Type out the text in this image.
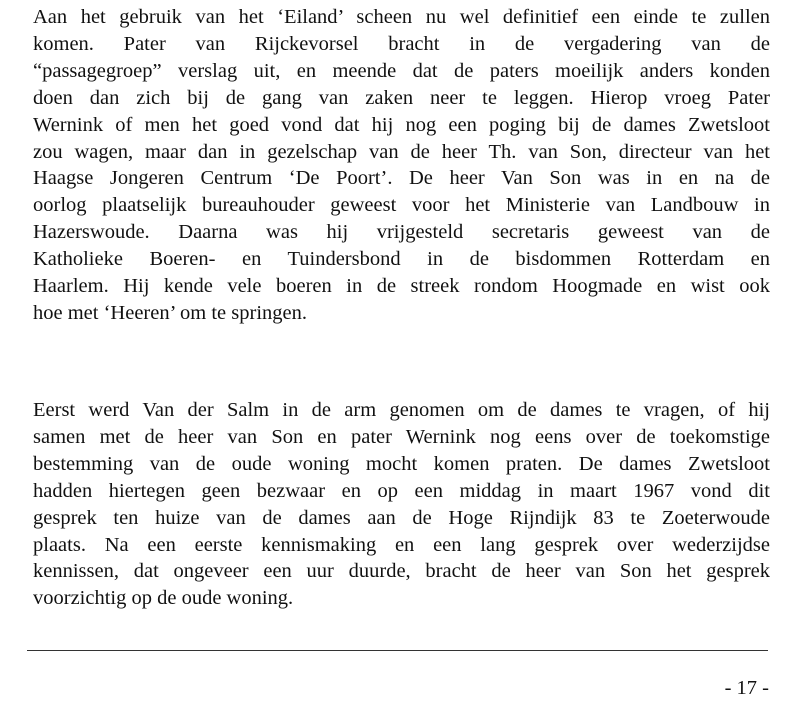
Aan het gebruik van het ‘Eiland’ scheen nu wel definitief een einde te zullen
komen. Pater van Rijckevorsel bracht in de vergadering van de
“passagegroep” verslag uit, en meende dat de paters moeilijk anders konden
doen dan zich bij de gang van zaken neer te leggen. Hierop vroeg Pater
Wernink of men het goed vond dat hij nog een poging bij de dames Zwetsloot
zou wagen, maar dan in gezelschap van de heer Th. van Son, directeur van het
Haagse Jongeren Centrum ‘De Poort’. De heer Van Son was in en na de
oorlog plaatselijk bureauhouder geweest voor het Ministerie van Landbouw in
Hazerswoude. Daarna was hij vrijgesteld secretaris geweest van de
Katholieke Boeren- en Tuindersbond in de bisdommen Rotterdam en
Haarlem. Hij kende vele boeren in de streek rondom Hoogmade en wist ook
hoe met ‘Heeren’ om te springen.

Eerst werd Van der Salm in de arm genomen om de dames te vragen, of hij
samen met de heer van Son en pater Wernink nog eens over de toekomstige
bestemming van de oude woning mocht komen praten. De dames Zwetsloot
hadden hiertegen geen bezwaar en op een middag in maart 1967 vond dit
gesprek ten huize van de dames aan de Hoge Rijndijk 83 te Zoeterwoude
plaats. Na een eerste kennismaking en een lang gesprek over wederzijdse
kennissen, dat ongeveer een uur duurde, bracht de heer van Son het gesprek
voorzichtig op de oude woning.

- 17 -
